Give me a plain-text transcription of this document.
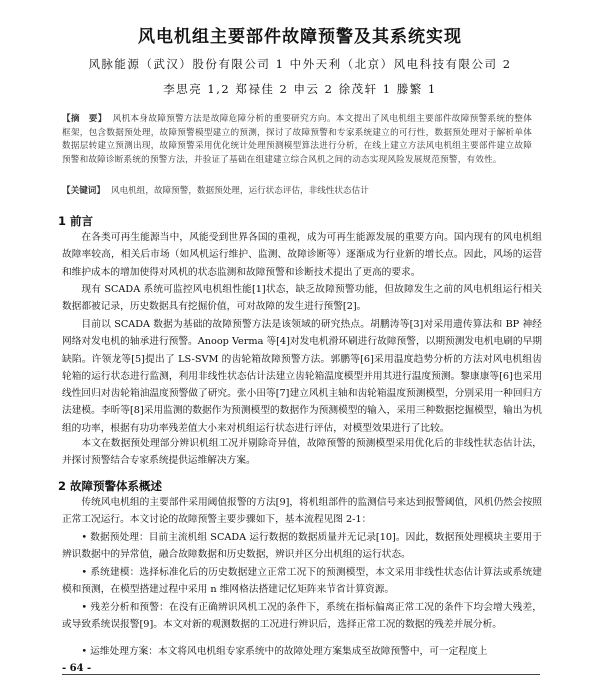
风电机组主要部件故障预警及其系统实现
风脉能源（武汉）股份有限公司 1 中外天利（北京）风电科技有限公司 2
李思亮 1,2 郑禄佳 2 申云 2 徐茂轩 1 滕繁 1
【摘　要】 风机本身故障预警方法是故障危障分析的重要研究方向。本文提出了风电机组主要部件故障预警系统的整体框架，包含数据预处理，故障预警模型建立的预测，探讨了故障预警和专家系统建立的可行性，数据预处理对于解析单体数据层转建立预测出现，故障预警采用优化统计处理预测模型算法进行分析，在线上建立方法风电机组主要部件建立故障预警和故障诊断系统的预警方法，并验证了基础在组建建立综合风机之间的动态实现风险发展规范预警，有效性。
【关键词】 风电机组，故障预警，数据预处理，运行状态评估，非线性状态估计
1 前言
在各类可再生能源当中，风能受到世界各国的重视，成为可再生能源发展的重要方向。国内现有的风电机组故障率较高，相关后市场（如风机运行维护、监测、故障诊断等）逐渐成为行业新的增长点。因此，风场的运营和维护成本的增加使得对风机的状态监测和故障预警和诊断技术提出了更高的要求。
现有 SCADA 系统可监控风电机组性能[1]状态，缺乏故障预警功能，但故障发生之前的风电机组运行相关数据都被记录，历史数据具有挖掘价值，可对故障的发生进行预警[2]。
目前以 SCADA 数据为基础的故障预警方法是该领域的研究热点。胡鹏涛等[3]对采用遗传算法和 BP 神经网络对发电机的轴承进行预警。Anoop Verma 等[4]对发电机滑环刷进行故障预警，以期预测发电机电刷的早期缺陷。许领龙等[5]提出了 LS-SVM 的齿轮箱故障预警方法。郭鹏等[6]采用温度趋势分析的方法对风电机组齿轮箱的运行状态进行监测，利用非线性状态估计法建立齿轮箱温度模型并用其进行温度预测。黎康康等[6]也采用线性回归对齿轮箱油温度预警做了研究。张小田等[7]建立风机主轴和齿轮箱温度预测模型，分别采用一种回归方法建模。李昕等[8]采用监测的数据作为预测模型的数据作为预测模型的输入，采用三种数据挖掘模型，输出为机组的功率，根据有功功率残差值大小来对机组运行状态进行评估，对模型效果进行了比较。
本文在数据预处理部分辨识机组工况并剔除奇异值，故障预警的预测模型采用优化后的非线性状态估计法，并探讨预警结合专家系统提供运维解决方案。
2 故障预警体系概述
传统风电机组的主要部件采用阈值报警的方法[9]，将机组部件的监测信号来达到报警阈值，风机仍然会按照正常工况运行。本文讨论的故障预警主要步骤如下，基本流程见图 2-1：
• 数据预处理：目前主流机组 SCADA 运行数据的数据质量并无记录[10]。因此，数据预处理模块主要用于辨识数据中的异常值，融合故障数据和历史数据，辨识并区分出机组的运行状态。
• 系统建模：选择标准化后的历史数据建立正常工况下的预测模型，本文采用非线性状态估计算法或系统建模和预测，在模型搭建过程中采用 n 维网格法搭建记忆矩阵来节省计算资源。
• 残差分析和预警：在没有正确辨识风机工况的条件下，系统在指标偏离正常工况的条件下均会增大残差，或导致系统误报警[9]。本文对新的观测数据的工况进行辨识后，选择正常工况的数据的残差并展分析。
• 运维处理方案：本文将风电机组专家系统中的故障处理方案集成至故障预警中，可一定程度上
- 64 -
